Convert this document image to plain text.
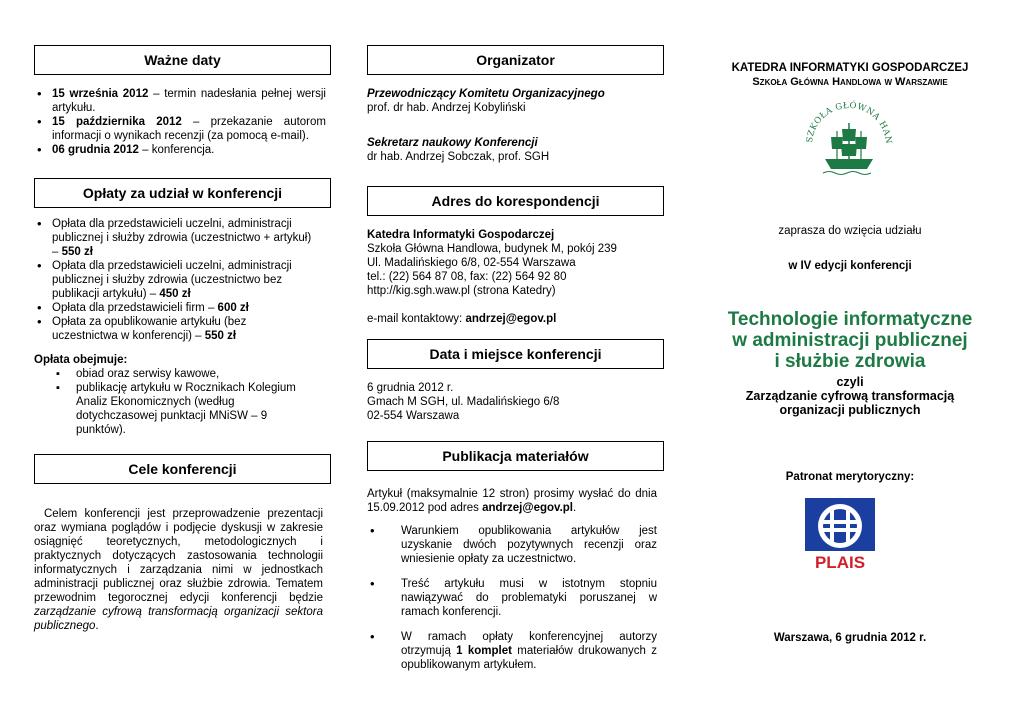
Ważne daty
• 15 września 2012 – termin nadesłania pełnej wersji artykułu.
• 15 października 2012 – przekazanie autorom informacji o wynikach recenzji (za pomocą e-mail).
• 06 grudnia 2012 – konferencja.
Opłaty za udział w konferencji
• Opłata dla przedstawicieli uczelni, administracji publicznej i służby zdrowia (uczestnictwo + artykuł) – 550 zł
• Opłata dla przedstawicieli uczelni, administracji publicznej i służby zdrowia (uczestnictwo bez publikacji artykułu) – 450 zł
• Opłata dla przedstawicieli firm – 600 zł
• Opłata za opublikowanie artykułu (bez uczestnictwa w konferencji) – 550 zł
Opłata obejmuje:
▪ obiad oraz serwisy kawowe,
▪ publikację artykułu w Rocznikach Kolegium Analiz Ekonomicznych (według dotychczasowej punktacji MNiSW – 9 punktów).
Cele konferencji
Celem konferencji jest przeprowadzenie prezentacji oraz wymiana poglądów i podjęcie dyskusji w zakresie osiągnięć teoretycznych, metodologicznych i praktycznych dotyczących zastosowania technologii informatycznych i zarządzania nimi w jednostkach administracji publicznej oraz służbie zdrowia. Tematem przewodnim tegorocznej edycji konferencji będzie zarządzanie cyfrową transformacją organizacji sektora publicznego.
Organizator
Przewodniczący Komitetu Organizacyjnego
prof. dr hab. Andrzej Kobyliński
Sekretarz naukowy Konferencji
dr hab. Andrzej Sobczak, prof. SGH
Adres do korespondencji
Katedra Informatyki Gospodarczej
Szkoła Główna Handlowa, budynek M, pokój 239
Ul. Madalińskiego 6/8, 02-554 Warszawa
tel.: (22) 564 87 08, fax: (22) 564 92 80
http://kig.sgh.waw.pl (strona Katedry)
e-mail kontaktowy: andrzej@egov.pl
Data i miejsce konferencji
6 grudnia 2012 r.
Gmach M SGH, ul. Madalińskiego 6/8
02-554 Warszawa
Publikacja materiałów
Artykuł (maksymalnie 12 stron) prosimy wysłać do dnia 15.09.2012 pod adres andrzej@egov.pl.
• Warunkiem opublikowania artykułów jest uzyskanie dwóch pozytywnych recenzji oraz wniesienie opłaty za uczestnictwo.
• Treść artykułu musi w istotnym stopniu nawiązywać do problematyki poruszanej w ramach konferencji.
• W ramach opłaty konferencyjnej autorzy otrzymują 1 komplet materiałów drukowanych z opublikowanym artykułem.
KATEDRA INFORMATYKI GOSPODARCZEJ
Szkoła Główna Handlowa w Warszawie
SZKOŁA GŁÓWNA HAN
zaprasza do wzięcia udziału
w IV edycji konferencji
Technologie informatyczne
w administracji publicznej
i służbie zdrowia
czyli
Zarządzanie cyfrową transformacją
organizacji publicznych
Patronat merytoryczny:
PLAIS
Warszawa, 6 grudnia 2012 r.
